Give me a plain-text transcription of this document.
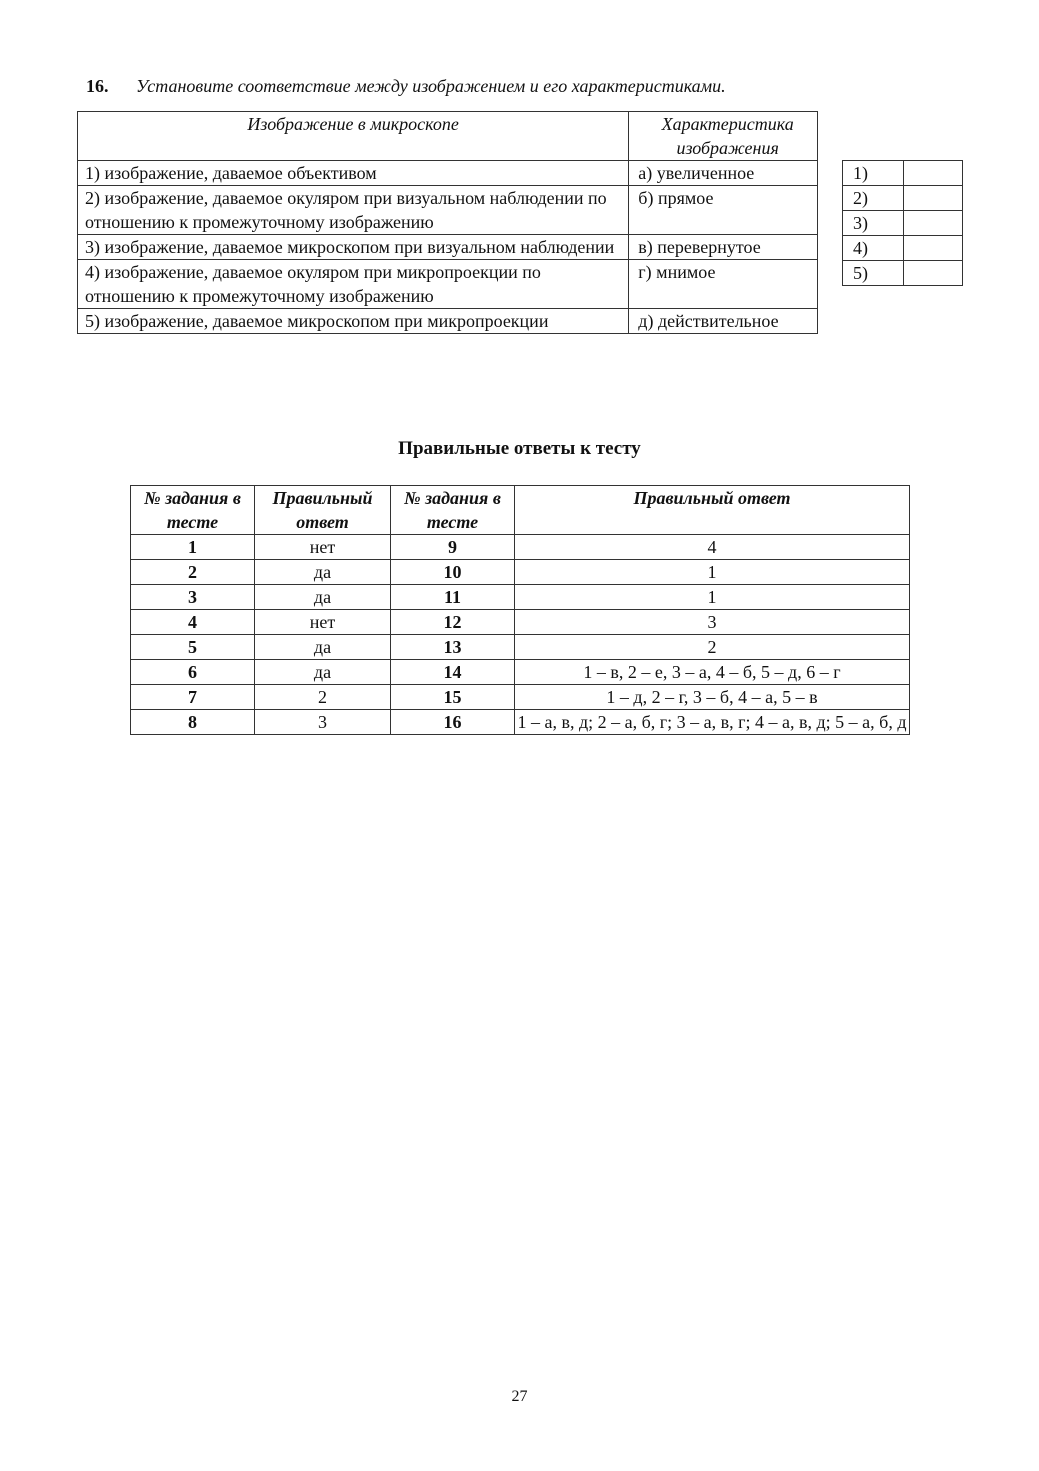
16. Установите соответствие между изображением и его характеристиками.
Изображение в микроскопе	Характеристика изображения
1) изображение, даваемое объективом	а) увеличенное
2) изображение, даваемое окуляром при визуальном наблюдении по отношению к промежуточному изображению	б) прямое
3) изображение, даваемое микроскопом при визуальном наблюдении	в) перевернутое
4) изображение, даваемое окуляром при микропроекции по отношению к промежуточному изображению	г) мнимое
5) изображение, даваемое микроскопом при микропроекции	д) действительное
1)	
2)	
3)	
4)	
5)	
Правильные ответы к тесту
№ задания в тесте	Правильный ответ	№ задания в тесте	Правильный ответ
1	нет	9	4
2	да	10	1
3	да	11	1
4	нет	12	3
5	да	13	2
6	да	14	1 – в, 2 – е, 3 – а, 4 – б, 5 – д, 6 – г
7	2	15	1 – д, 2 – г, 3 – б, 4 – а, 5 – в
8	3	16	1 – а, в, д; 2 – а, б, г; 3 – а, в, г; 4 – а, в, д; 5 – а, б, д
27
